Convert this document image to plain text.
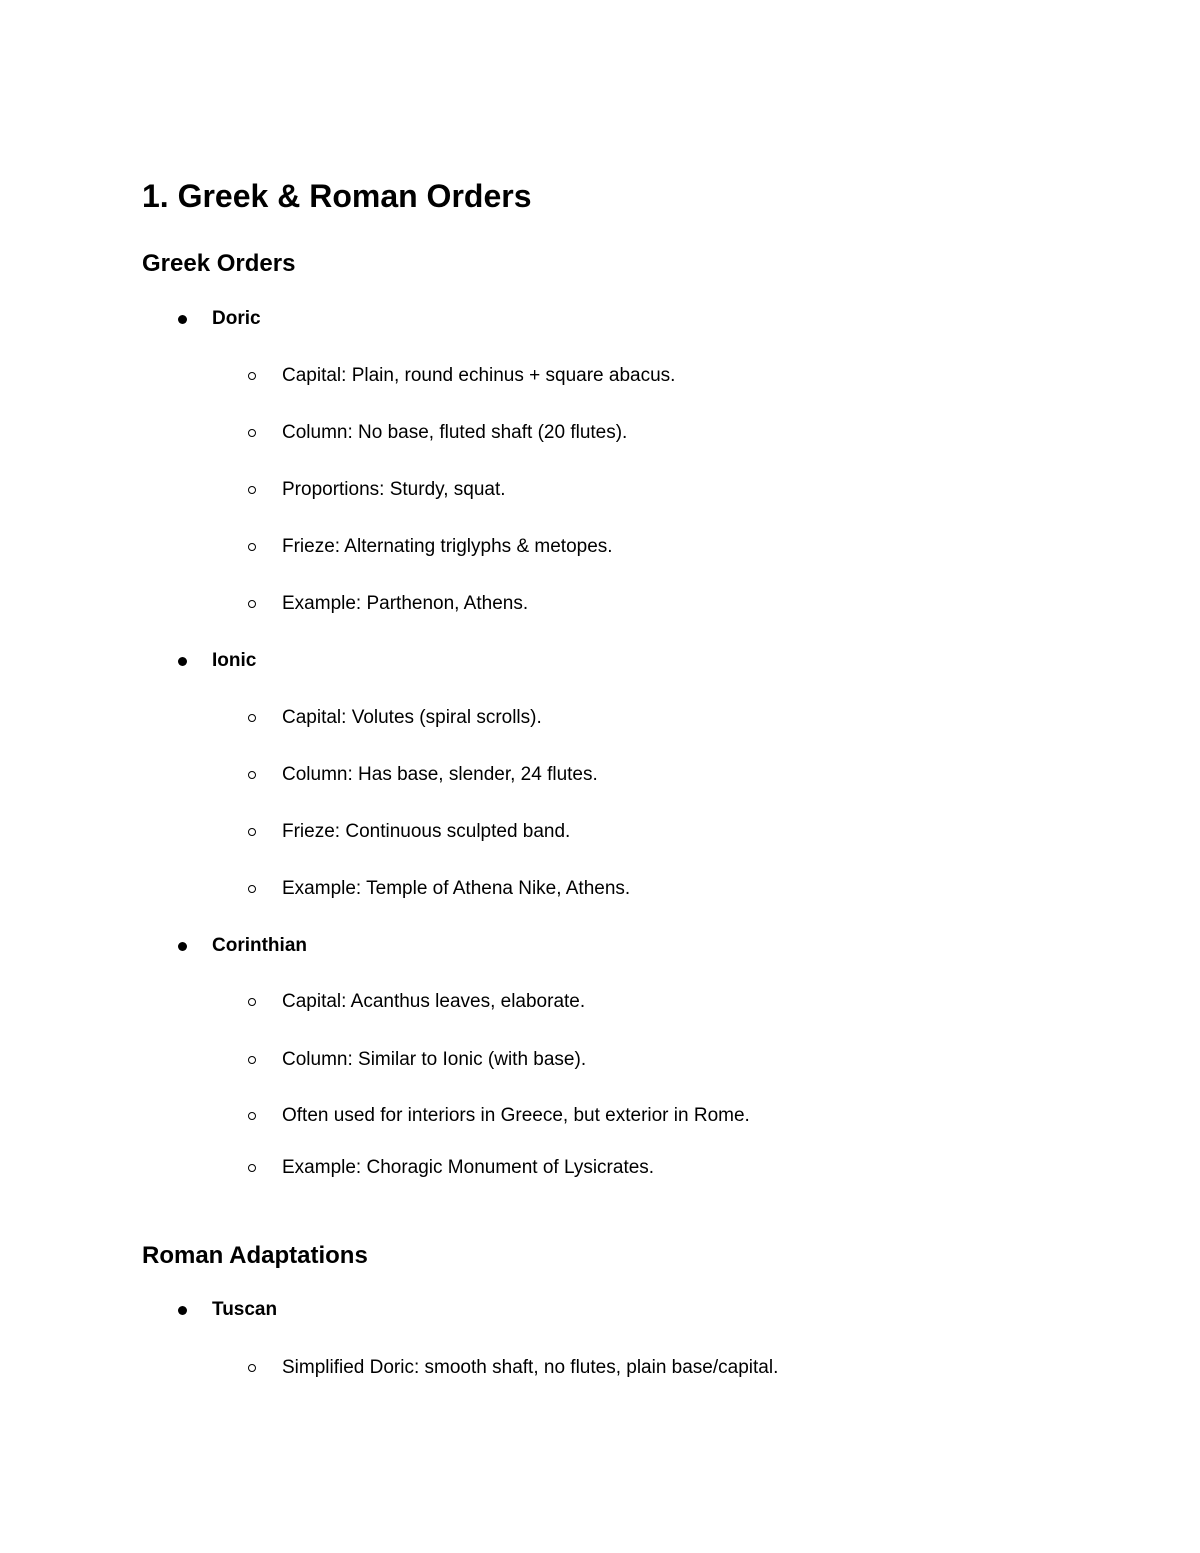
1. Greek & Roman Orders
Greek Orders
Doric
Capital: Plain, round echinus + square abacus.
Column: No base, fluted shaft (20 flutes).
Proportions: Sturdy, squat.
Frieze: Alternating triglyphs & metopes.
Example: Parthenon, Athens.
Ionic
Capital: Volutes (spiral scrolls).
Column: Has base, slender, 24 flutes.
Frieze: Continuous sculpted band.
Example: Temple of Athena Nike, Athens.
Corinthian
Capital: Acanthus leaves, elaborate.
Column: Similar to Ionic (with base).
Often used for interiors in Greece, but exterior in Rome.
Example: Choragic Monument of Lysicrates.
Roman Adaptations
Tuscan
Simplified Doric: smooth shaft, no flutes, plain base/capital.
